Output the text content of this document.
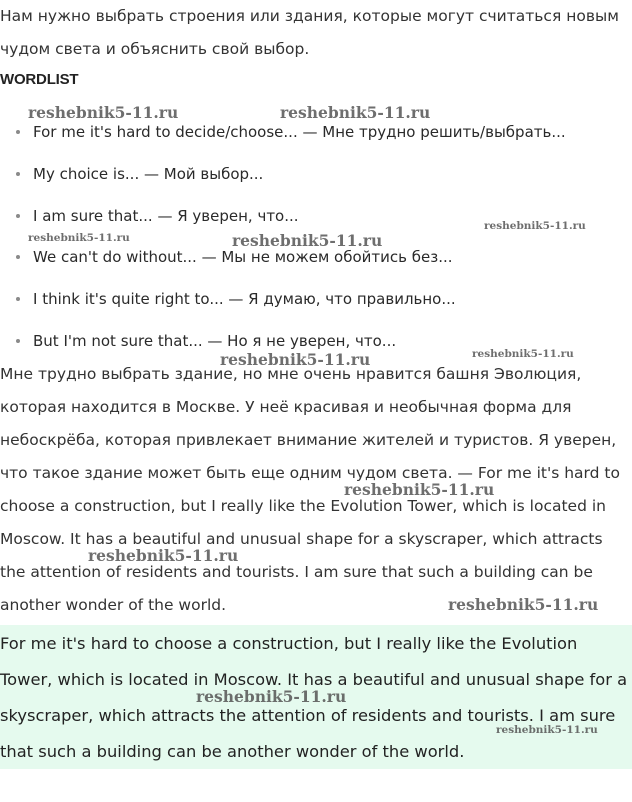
Нам нужно выбрать строения или здания, которые могут считаться новым чудом света и объяснить свой выбор.
WORDLIST
For me it's hard to decide/choose... — Мне трудно решить/выбрать...
My choice is... — Мой выбор...
I am sure that... — Я уверен, что...
We can't do without... — Мы не можем обойтись без...
I think it's quite right to... — Я думаю, что правильно...
But I'm not sure that... — Но я не уверен, что...
Мне трудно выбрать здание, но мне очень нравится башня Эволюция, которая находится в Москве. У неё красивая и необычная форма для небоскрёба, которая привлекает внимание жителей и туристов. Я уверен, что такое здание может быть еще одним чудом света. — For me it's hard to choose a construction, but I really like the Evolution Tower, which is located in Moscow. It has a beautiful and unusual shape for a skyscraper, which attracts the attention of residents and tourists. I am sure that such a building can be another wonder of the world.
For me it's hard to choose a construction, but I really like the Evolution Tower, which is located in Moscow. It has a beautiful and unusual shape for a skyscraper, which attracts the attention of residents and tourists. I am sure that such a building can be another wonder of the world.
reshebnik5-11.ru	reshebnik5-11.ru
reshebnik5-11.ru
reshebnik5-11.ru	reshebnik5-11.ru
reshebnik5-11.ru
reshebnik5-11.ru
reshebnik5-11.ru
reshebnik5-11.ru
reshebnik5-11.ru
reshebnik5-11.ru
reshebnik5-11.ru
